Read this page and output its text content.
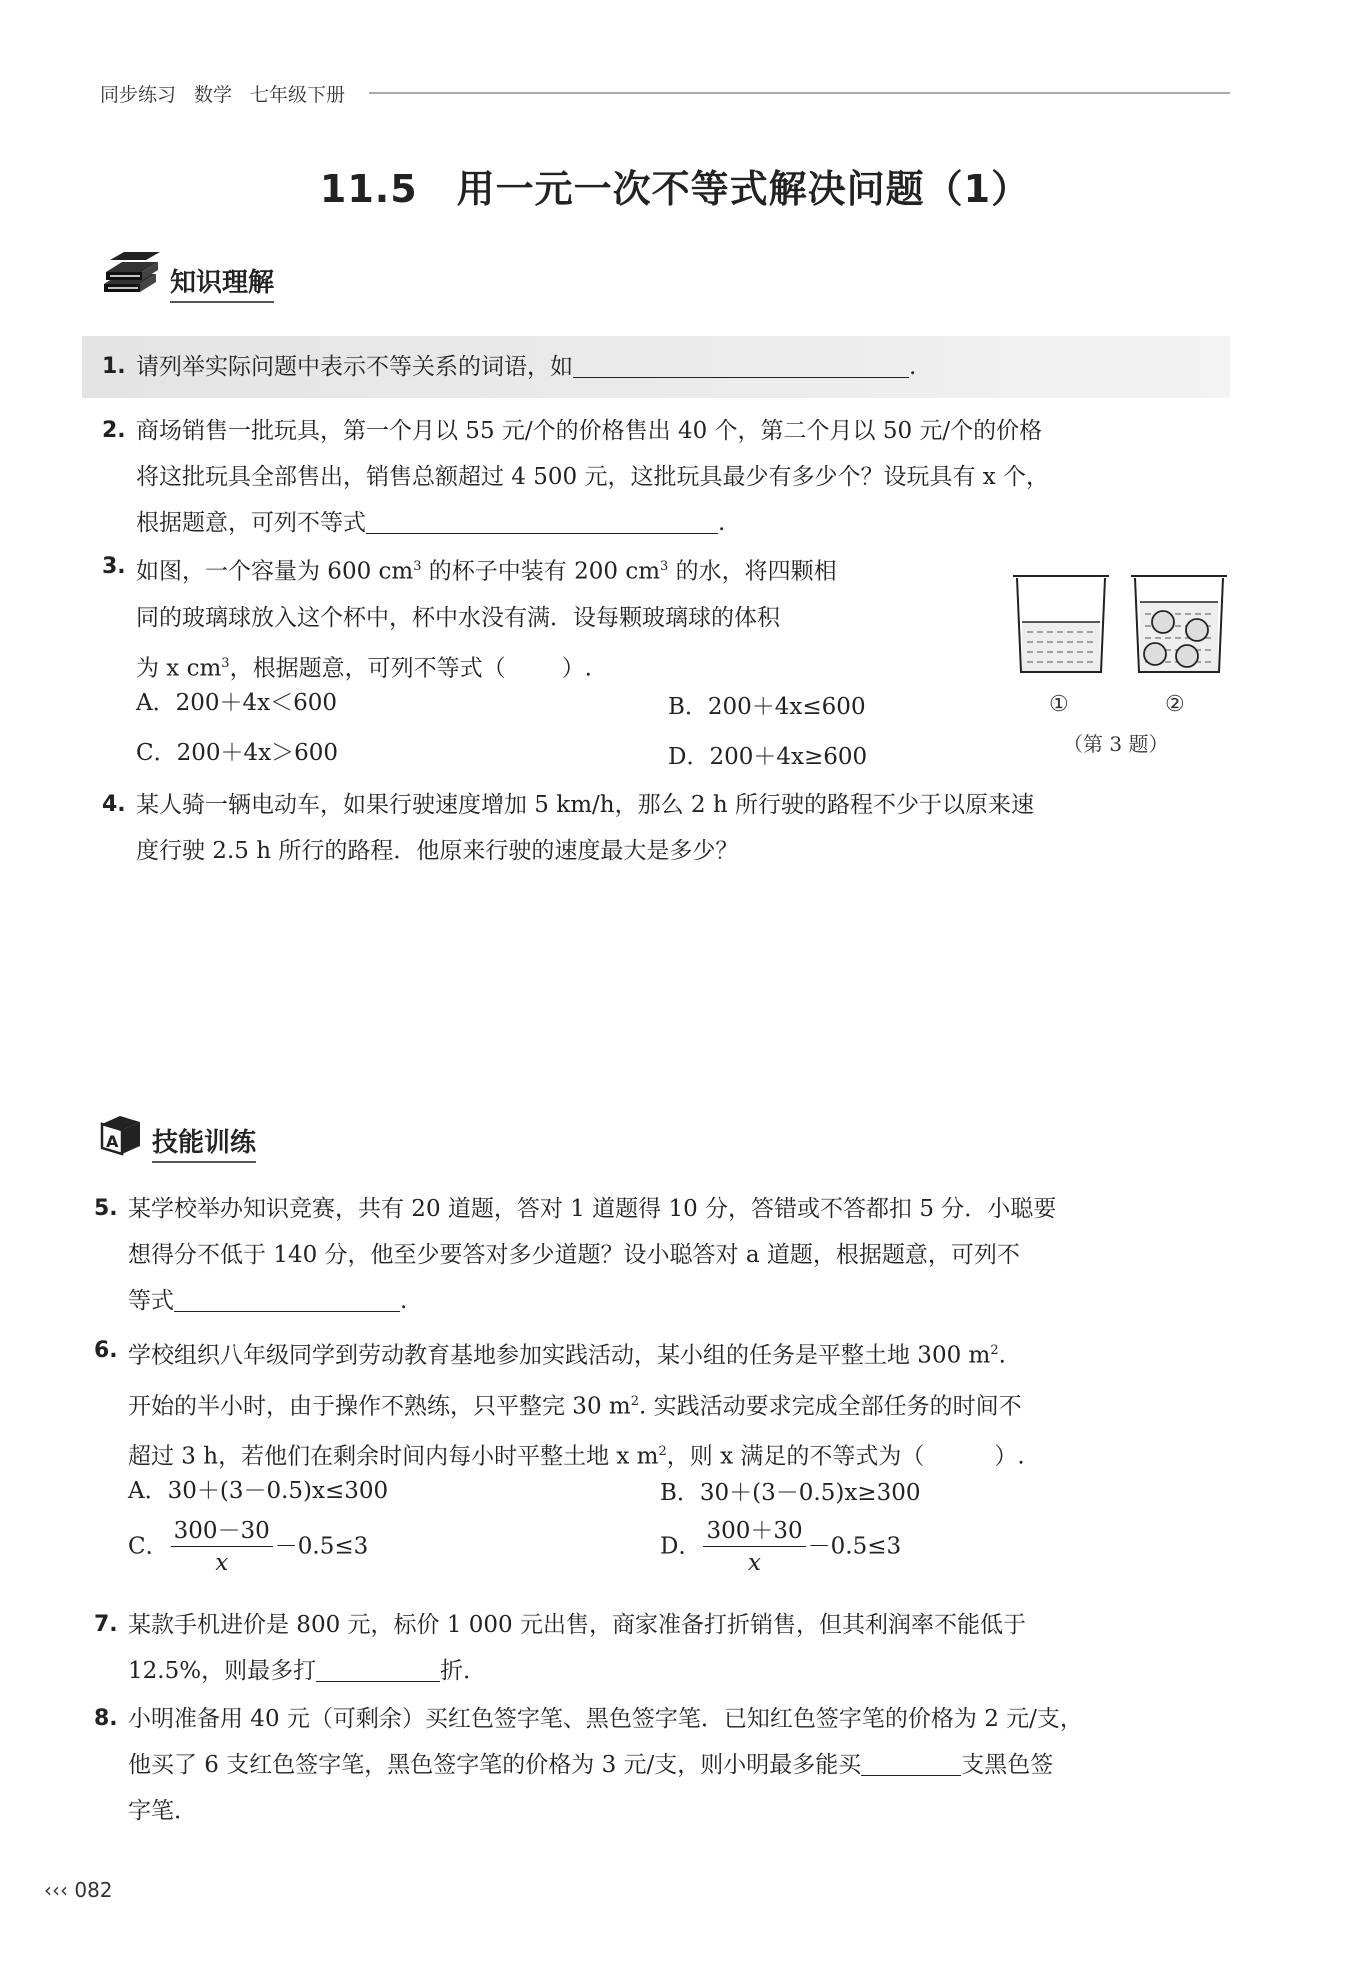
同步练习 数学 七年级下册
11.5　用一元一次不等式解决问题（1）
知识理解
1. 请列举实际问题中表示不等关系的词语，如	.
2. 商场销售一批玩具，第一个月以 55 元/个的价格售出 40 个，第二个月以 50 元/个的价格
将这批玩具全部售出，销售总额超过 4 500 元，这批玩具最少有多少个？设玩具有 x 个，
根据题意，可列不等式	.
3. 如图，一个容量为 600 $cm^3$ 的杯子中装有 200 $cm^3$ 的水，将四颗相
同的玻璃球放入这个杯中，杯中水没有满．设每颗玻璃球的体积
为 x $cm^3$，根据题意，可列不等式（ ）.
A．200＋4x＜600	B．200＋4x≤600
C．200＋4x＞600	D．200＋4x≥600
①	②
（第 3 题）
4. 某人骑一辆电动车，如果行驶速度增加 5 km/h，那么 2 h 所行驶的路程不少于以原来速
度行驶 2.5 h 所行的路程．他原来行驶的速度最大是多少？
A 技能训练
5. 某学校举办知识竞赛，共有 20 道题，答对 1 道题得 10 分，答错或不答都扣 5 分．小聪要
想得分不低于 140 分，他至少要答对多少道题？设小聪答对 a 道题，根据题意，可列不
等式	.
6. 学校组织八年级同学到劳动教育基地参加实践活动，某小组的任务是平整土地 300 $m^2$.
开始的半小时，由于操作不熟练，只平整完 30 $m^2$. 实践活动要求完成全部任务的时间不
超过 3 h，若他们在剩余时间内每小时平整土地 x $m^2$，则 x 满足的不等式为（	）.
A．30＋(3－0.5)x≤300	B．30＋(3－0.5)x≥300
C． $\frac{300-30}{x} -0.5\le 3$	D． $\frac{300+30}{x} -0.5\le 3$
7. 某款手机进价是 800 元，标价 1 000 元出售，商家准备打折销售，但其利润率不能低于
12.5%，则最多打	折．
8. 小明准备用 40 元（可剩余）买红色签字笔、黑色签字笔．已知红色签字笔的价格为 2 元/支，
他买了 6 支红色签字笔，黑色签字笔的价格为 3 元/支，则小明最多能买	支黑色签
字笔．
‹‹‹ 082
